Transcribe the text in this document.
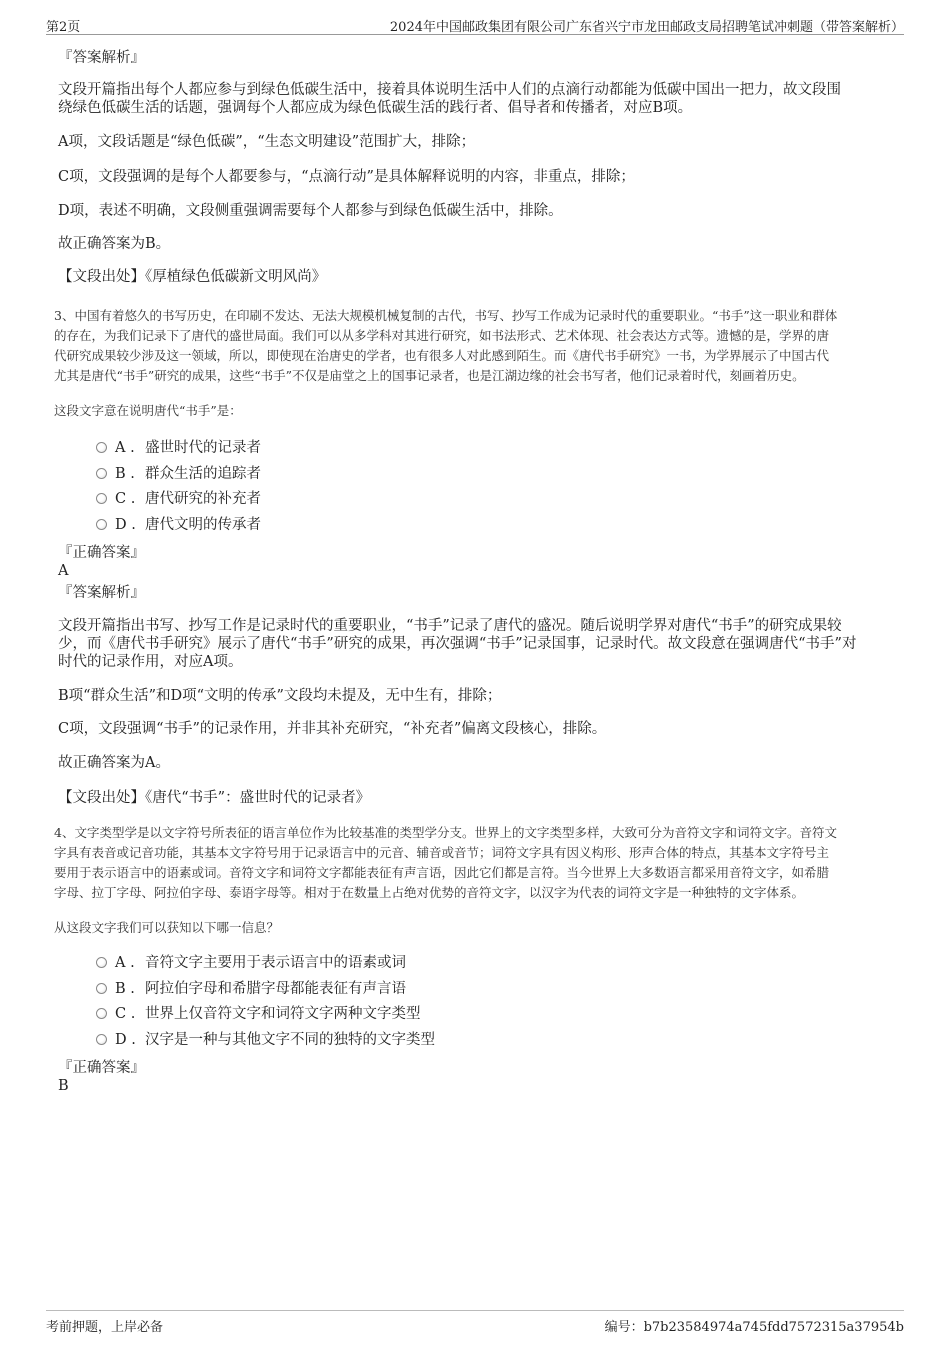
第2页	2024年中国邮政集团有限公司广东省兴宁市龙田邮政支局招聘笔试冲刺题（带答案解析）
『答案解析』
文段开篇指出每个人都应参与到绿色低碳生活中，接着具体说明生活中人们的点滴行动都能为低碳中国出一把力，故文段围
绕绿色低碳生活的话题，强调每个人都应成为绿色低碳生活的践行者、倡导者和传播者，对应B项。
A项，文段话题是“绿色低碳”，“生态文明建设”范围扩大，排除；
C项，文段强调的是每个人都要参与，“点滴行动”是具体解释说明的内容，非重点，排除；
D项，表述不明确，文段侧重强调需要每个人都参与到绿色低碳生活中，排除。
故正确答案为B。
【文段出处】《厚植绿色低碳新文明风尚》
3、中国有着悠久的书写历史，在印刷不发达、无法大规模机械复制的古代，书写、抄写工作成为记录时代的重要职业。“书手”这一职业和群体
的存在，为我们记录下了唐代的盛世局面。我们可以从多学科对其进行研究，如书法形式、艺术体现、社会表达方式等。遗憾的是，学界的唐
代研究成果较少涉及这一领域，所以，即使现在治唐史的学者，也有很多人对此感到陌生。而《唐代书手研究》一书，为学界展示了中国古代
尤其是唐代“书手”研究的成果，这些“书手”不仅是庙堂之上的国事记录者，也是江湖边缘的社会书写者，他们记录着时代，刻画着历史。
这段文字意在说明唐代“书手”是：
A . 盛世时代的记录者
B . 群众生活的追踪者
C . 唐代研究的补充者
D . 唐代文明的传承者
『正确答案』
A
『答案解析』
文段开篇指出书写、抄写工作是记录时代的重要职业，“书手”记录了唐代的盛况。随后说明学界对唐代“书手”的研究成果较
少，而《唐代书手研究》展示了唐代“书手”研究的成果，再次强调“书手”记录国事，记录时代。故文段意在强调唐代“书手”对
时代的记录作用，对应A项。
B项“群众生活”和D项“文明的传承”文段均未提及，无中生有，排除；
C项，文段强调“书手”的记录作用，并非其补充研究，“补充者”偏离文段核心，排除。
故正确答案为A。
【文段出处】《唐代“书手”：盛世时代的记录者》
4、文字类型学是以文字符号所表征的语言单位作为比较基准的类型学分支。世界上的文字类型多样，大致可分为音符文字和词符文字。音符文
字具有表音或记音功能，其基本文字符号用于记录语言中的元音、辅音或音节；词符文字具有因义构形、形声合体的特点，其基本文字符号主
要用于表示语言中的语素或词。音符文字和词符文字都能表征有声言语，因此它们都是言符。当今世界上大多数语言都采用音符文字，如希腊
字母、拉丁字母、阿拉伯字母、泰语字母等。相对于在数量上占绝对优势的音符文字，以汉字为代表的词符文字是一种独特的文字体系。
从这段文字我们可以获知以下哪一信息？
A . 音符文字主要用于表示语言中的语素或词
B . 阿拉伯字母和希腊字母都能表征有声言语
C . 世界上仅音符文字和词符文字两种文字类型
D . 汉字是一种与其他文字不同的独特的文字类型
『正确答案』
B
考前押题，上岸必备	编号：b7b23584974a745fdd7572315a37954b
